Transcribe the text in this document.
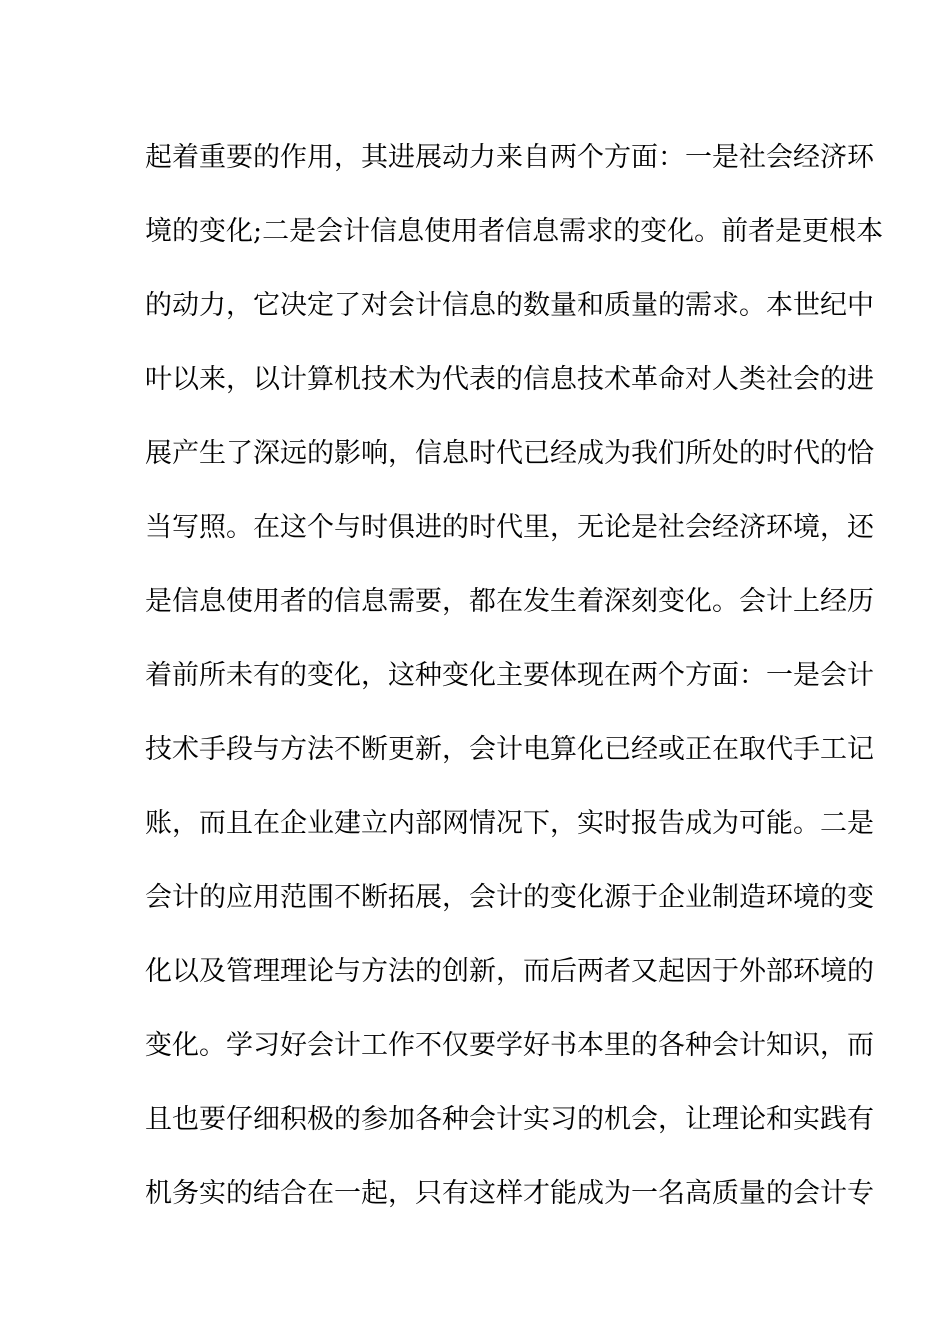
起着重要的作用，其进展动力来自两个方面：一是社会经济环
境的变化;二是会计信息使用者信息需求的变化。前者是更根本
的动力，它决定了对会计信息的数量和质量的需求。本世纪中
叶以来，以计算机技术为代表的信息技术革命对人类社会的进
展产生了深远的影响，信息时代已经成为我们所处的时代的恰
当写照。在这个与时俱进的时代里，无论是社会经济环境，还
是信息使用者的信息需要，都在发生着深刻变化。会计上经历
着前所未有的变化，这种变化主要体现在两个方面：一是会计
技术手段与方法不断更新，会计电算化已经或正在取代手工记
账，而且在企业建立内部网情况下，实时报告成为可能。二是
会计的应用范围不断拓展，会计的变化源于企业制造环境的变
化以及管理理论与方法的创新，而后两者又起因于外部环境的
变化。学习好会计工作不仅要学好书本里的各种会计知识，而
且也要仔细积极的参加各种会计实习的机会，让理论和实践有
机务实的结合在一起，只有这样才能成为一名高质量的会计专
